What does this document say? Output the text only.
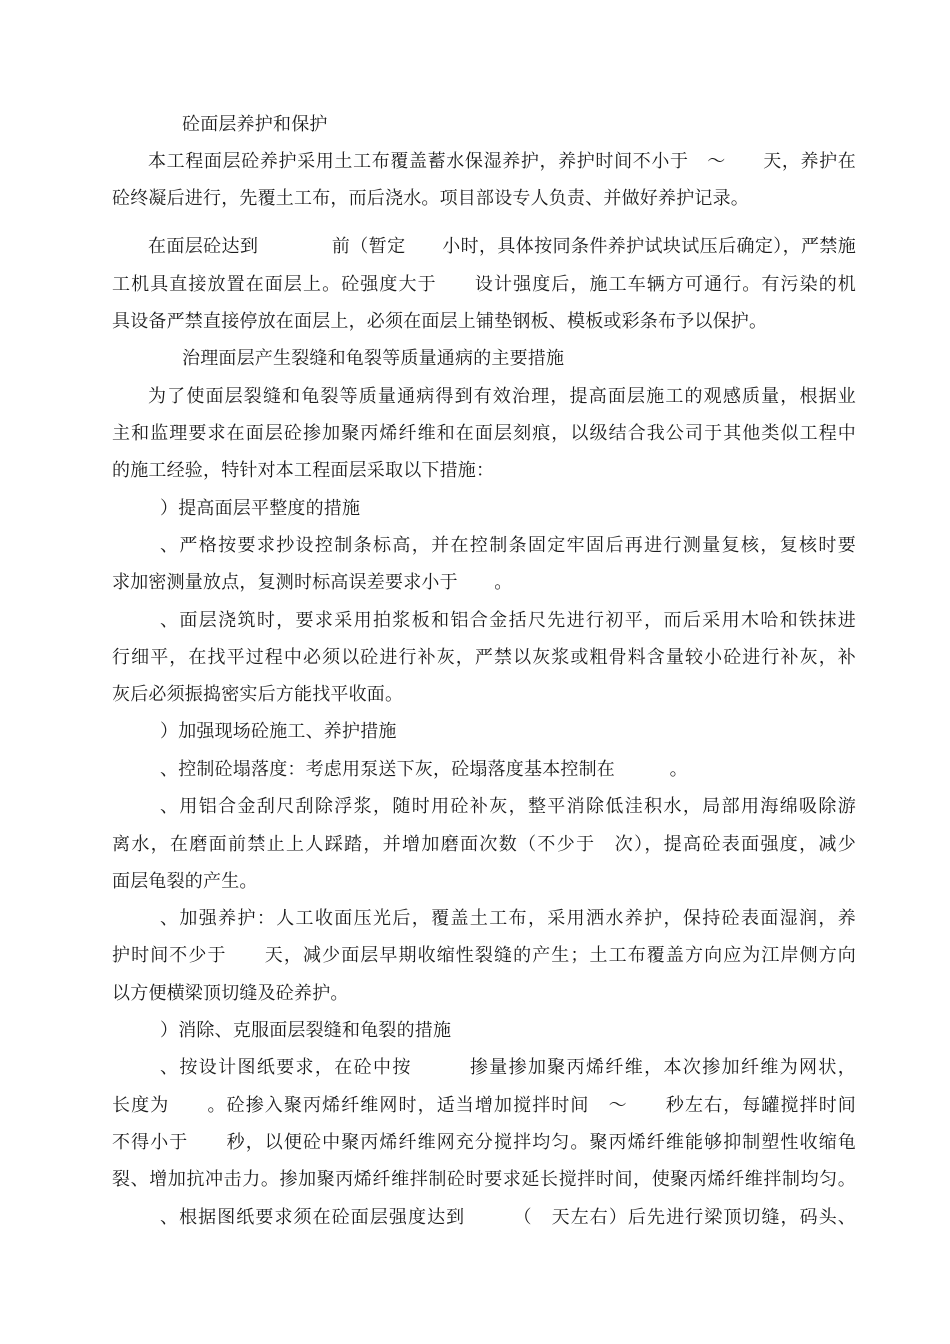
砼面层养护和保护
本工程面层砼养护采用土工布覆盖蓄水保湿养护，养护时间不小于　～　　天，养护在
砼终凝后进行，先覆土工布，而后浇水。项目部设专人负责、并做好养护记录。
在面层砼达到　　　　前（暂定　　小时，具体按同条件养护试块试压后确定），严禁施
工机具直接放置在面层上。砼强度大于　　设计强度后，施工车辆方可通行。有污染的机
具设备严禁直接停放在面层上，必须在面层上铺垫钢板、模板或彩条布予以保护。
治理面层产生裂缝和龟裂等质量通病的主要措施
为了使面层裂缝和龟裂等质量通病得到有效治理，提高面层施工的观感质量，根据业
主和监理要求在面层砼掺加聚丙烯纤维和在面层刻痕，以级结合我公司于其他类似工程中
的施工经验，特针对本工程面层采取以下措施：
）提高面层平整度的措施
、严格按要求抄设控制条标高，并在控制条固定牢固后再进行测量复核，复核时要
求加密测量放点，复测时标高误差要求小于　　。
、面层浇筑时，要求采用拍浆板和铝合金括尺先进行初平，而后采用木哈和铁抹进
行细平，在找平过程中必须以砼进行补灰，严禁以灰浆或粗骨料含量较小砼进行补灰，补
灰后必须振捣密实后方能找平收面。
）加强现场砼施工、养护措施
、控制砼塌落度：考虑用泵送下灰，砼塌落度基本控制在　　　。
、用铝合金刮尺刮除浮浆，随时用砼补灰，整平消除低洼积水，局部用海绵吸除游
离水，在磨面前禁止上人踩踏，并增加磨面次数（不少于　次），提高砼表面强度，减少
面层龟裂的产生。
、加强养护：人工收面压光后，覆盖土工布，采用洒水养护，保持砼表面湿润，养
护时间不少于　　天，减少面层早期收缩性裂缝的产生；土工布覆盖方向应为江岸侧方向
以方便横梁顶切缝及砼养护。
）消除、克服面层裂缝和龟裂的措施
、按设计图纸要求，在砼中按　　　掺量掺加聚丙烯纤维，本次掺加纤维为网状，
长度为　　。砼掺入聚丙烯纤维网时，适当增加搅拌时间　～　　秒左右，每罐搅拌时间
不得小于　　秒，以便砼中聚丙烯纤维网充分搅拌均匀。聚丙烯纤维能够抑制塑性收缩龟
裂、增加抗冲击力。掺加聚丙烯纤维拌制砼时要求延长搅拌时间，使聚丙烯纤维拌制均匀。
、根据图纸要求须在砼面层强度达到　　　（　天左右）后先进行梁顶切缝，码头、
